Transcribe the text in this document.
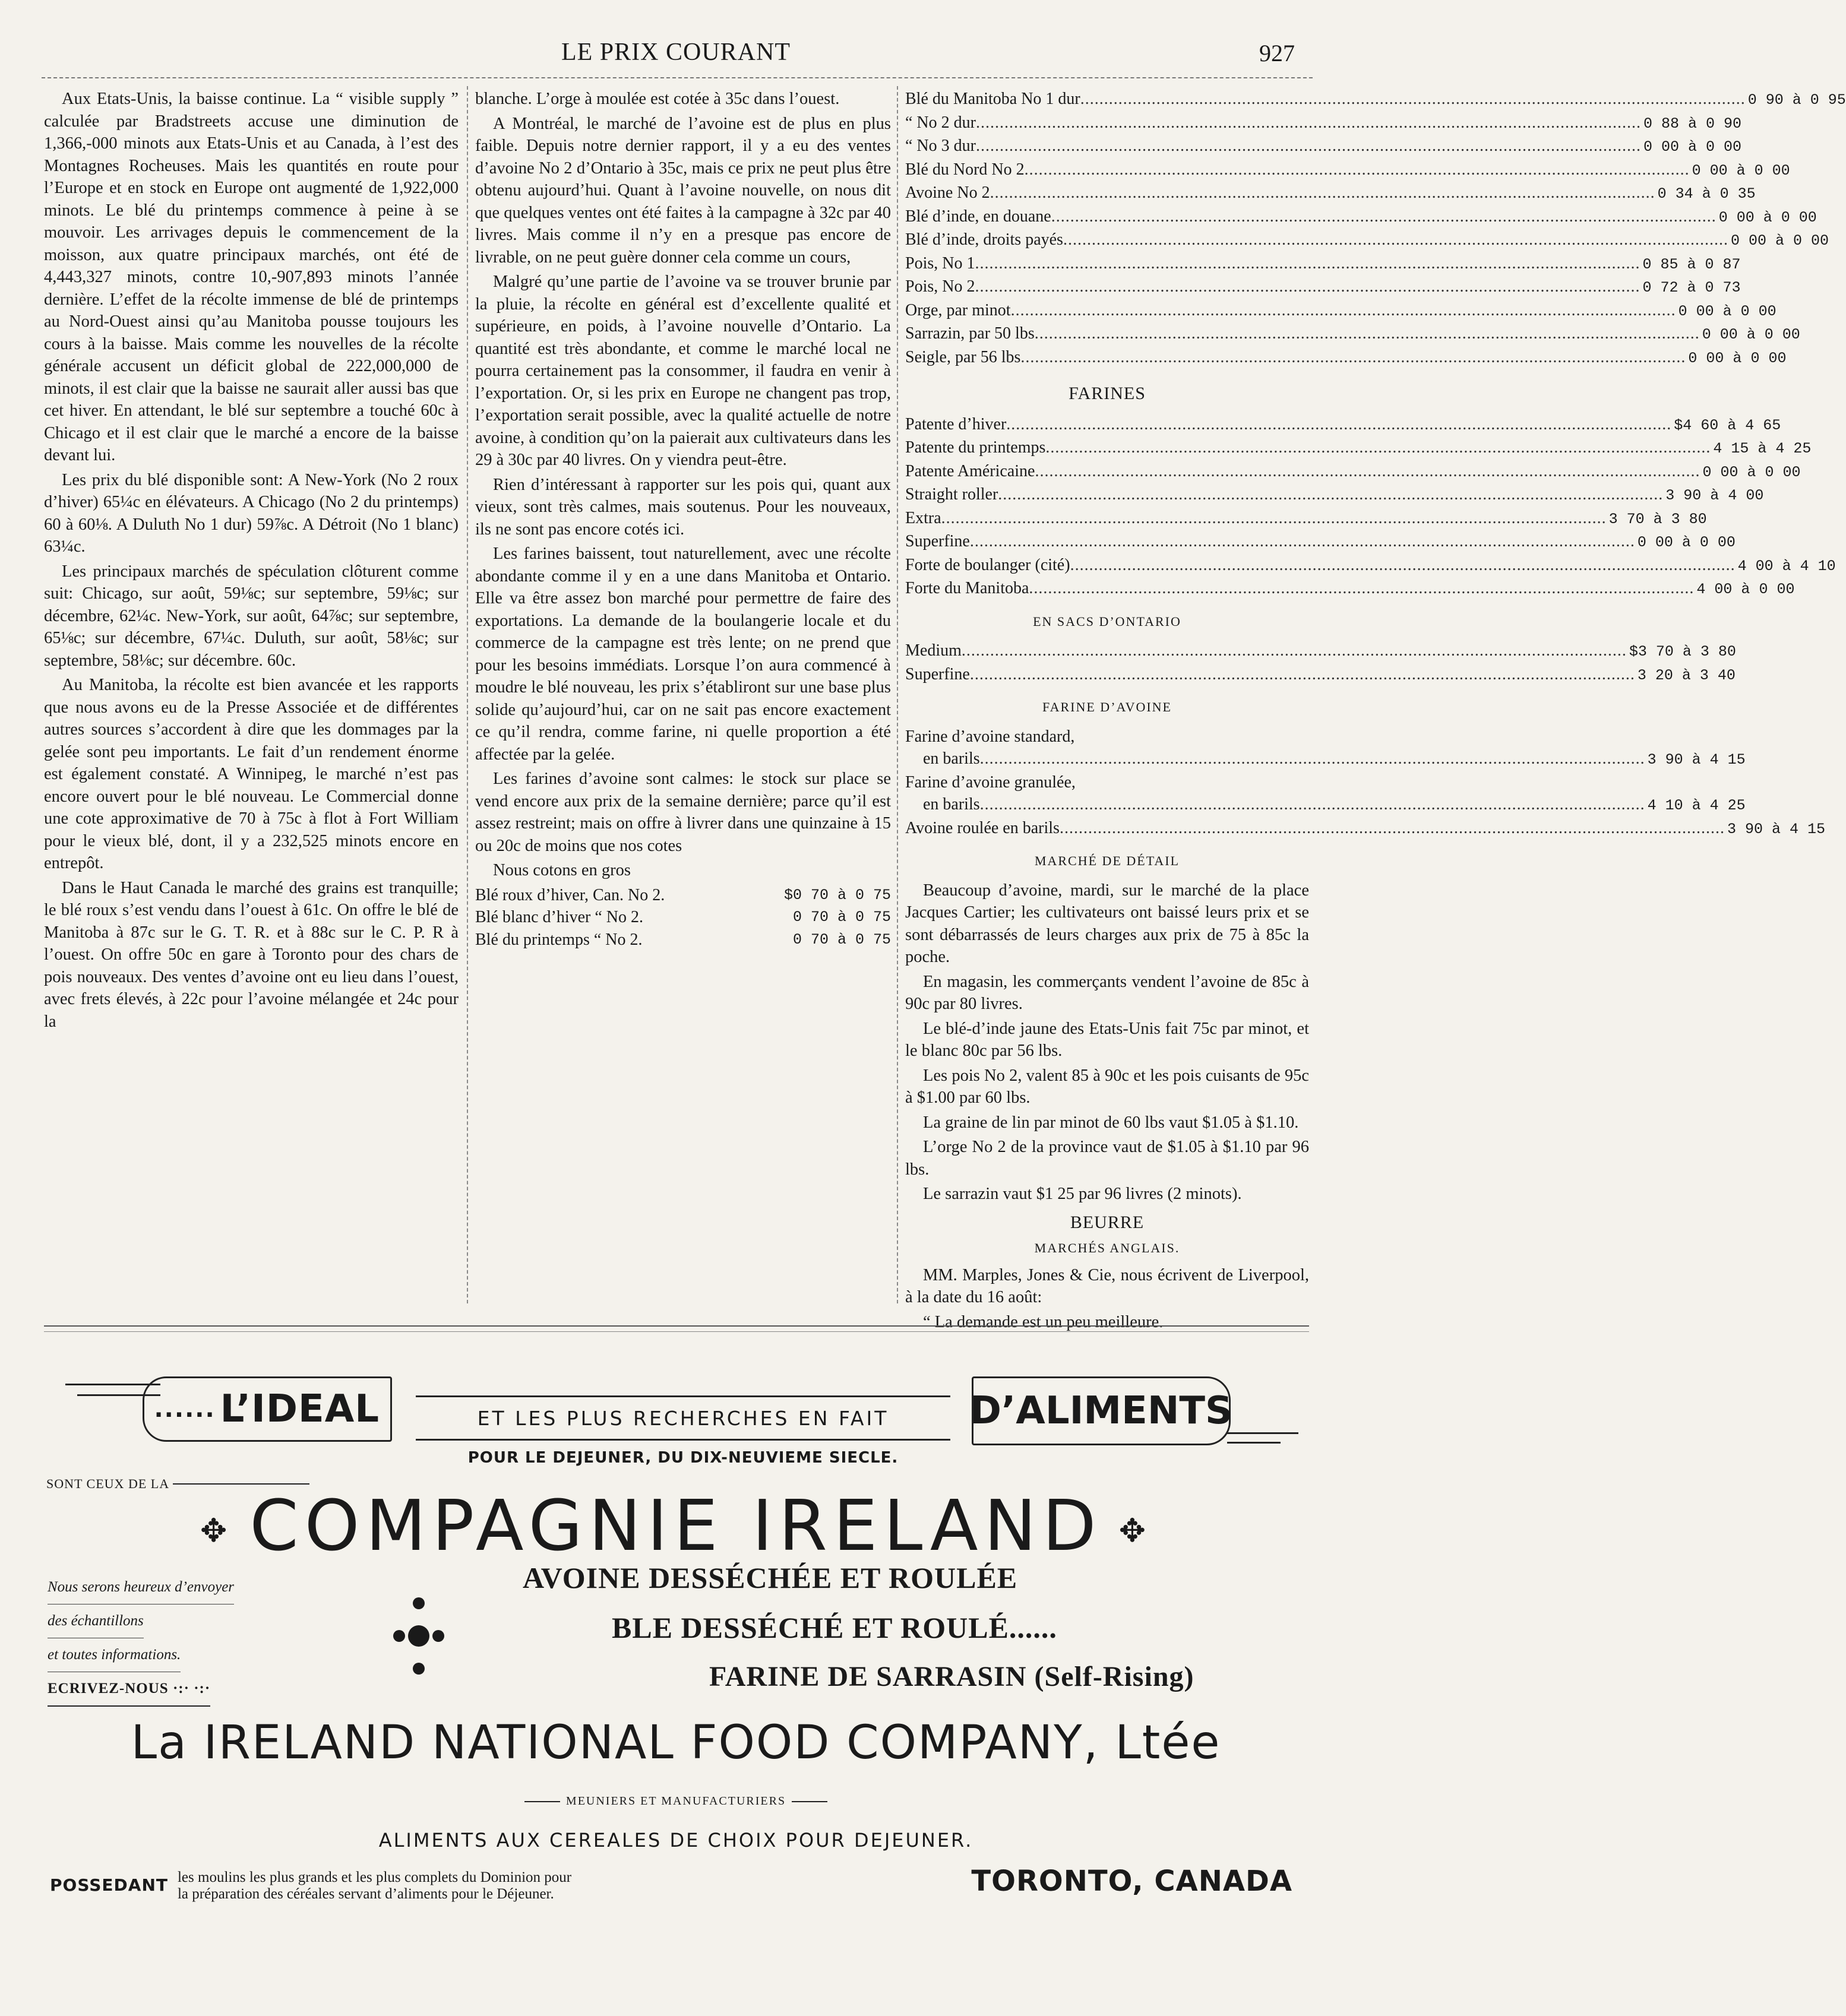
LE PRIX COURANT	927

Aux Etats-Unis, la baisse continue. La “ visible supply ” calculée par Bradstreets accuse une diminution de 1,366,-000 minots aux Etats-Unis et au Canada, à l’est des Montagnes Rocheuses. Mais les quantités en route pour l’Europe et en stock en Europe ont augmenté de 1,922,000 minots. Le blé du printemps commence à peine à se mouvoir. Les arrivages depuis le commencement de la moisson, aux quatre principaux marchés, ont été de 4,443,327 minots, contre 10,-907,893 minots l’année dernière. L’effet de la récolte immense de blé de printemps au Nord-Ouest ainsi qu’au Manitoba pousse toujours les cours à la baisse. Mais comme les nouvelles de la récolte générale accusent un déficit global de 222,000,000 de minots, il est clair que la baisse ne saurait aller aussi bas que cet hiver. En attendant, le blé sur septembre a touché 60c à Chicago et il est clair que le marché a encore de la baisse devant lui.

Les prix du blé disponible sont: A New-York (No 2 roux d’hiver) 65¼c en élévateurs. A Chicago (No 2 du printemps) 60 à 60⅛. A Duluth No 1 dur) 59⅞c. A Détroit (No 1 blanc) 63¼c.

Les principaux marchés de spéculation clôturent comme suit: Chicago, sur août, 59⅛c; sur septembre, 59⅛c; sur décembre, 62¼c. New-York, sur août, 64⅞c; sur septembre, 65⅛c; sur décembre, 67¼c. Duluth, sur août, 58⅛c; sur septembre, 58⅛c; sur décembre. 60c.

Au Manitoba, la récolte est bien avancée et les rapports que nous avons eu de la Presse Associée et de différentes autres sources s’accordent à dire que les dommages par la gelée sont peu importants. Le fait d’un rendement énorme est également constaté. A Winnipeg, le marché n’est pas encore ouvert pour le blé nouveau. Le Commercial donne une cote approximative de 70 à 75c à flot à Fort William pour le vieux blé, dont, il y a 232,525 minots encore en entrepôt.

Dans le Haut Canada le marché des grains est tranquille; le blé roux s’est vendu dans l’ouest à 61c. On offre le blé de Manitoba à 87c sur le G. T. R. et à 88c sur le C. P. R à l’ouest. On offre 50c en gare à Toronto pour des chars de pois nouveaux. Des ventes d’avoine ont eu lieu dans l’ouest, avec frets élevés, à 22c pour l’avoine mélangée et 24c pour la

blanche. L’orge à moulée est cotée à 35c dans l’ouest.

A Montréal, le marché de l’avoine est de plus en plus faible. Depuis notre dernier rapport, il y a eu des ventes d’avoine No 2 d’Ontario à 35c, mais ce prix ne peut plus être obtenu aujourd’hui. Quant à l’avoine nouvelle, on nous dit que quelques ventes ont été faites à la campagne à 32c par 40 livres. Mais comme il n’y en a presque pas encore de livrable, on ne peut guère donner cela comme un cours,

Malgré qu’une partie de l’avoine va se trouver brunie par la pluie, la récolte en général est d’excellente qualité et supérieure, en poids, à l’avoine nouvelle d’Ontario. La quantité est très abondante, et comme le marché local ne pourra certainement pas la consommer, il faudra en venir à l’exportation. Or, si les prix en Europe ne changent pas trop, l’exportation serait possible, avec la qualité actuelle de notre avoine, à condition qu’on la paierait aux cultivateurs dans les 29 à 30c par 40 livres. On y viendra peut-être.

Rien d’intéressant à rapporter sur les pois qui, quant aux vieux, sont très calmes, mais soutenus. Pour les nouveaux, ils ne sont pas encore cotés ici.

Les farines baissent, tout naturellement, avec une récolte abondante comme il y en a une dans Manitoba et Ontario. Elle va être assez bon marché pour permettre de faire des exportations. La demande de la boulangerie locale et du commerce de la campagne est très lente; on ne prend que pour les besoins immédiats. Lorsque l’on aura commencé à moudre le blé nouveau, les prix s’établiront sur une base plus solide qu’aujourd’hui, car on ne sait pas encore exactement ce qu’il rendra, comme farine, ni quelle proportion a été affectée par la gelée.

Les farines d’avoine sont calmes: le stock sur place se vend encore aux prix de la semaine dernière; parce qu’il est assez restreint; mais on offre à livrer dans une quinzaine à 15 ou 20c de moins que nos cotes

Nous cotons en gros

Blé roux d’hiver, Can. No 2.	$0 70 à 0 75
Blé blanc d’hiver “ No 2.	0 70 à 0 75
Blé du printemps “ No 2.	0 70 à 0 75
Blé du Manitoba No 1 dur .....	0 90 à 0 95
“ No 2 dur .....	0 88 à 0 90
“ No 3 dur .....	0 00 à 0 00
Blé du Nord No 2 .....	0 00 à 0 00
Avoine No 2 .....	0 34 à 0 35
Blé d’inde, en douane .....	0 00 à 0 00
Blé d’inde, droits payés .....	0 00 à 0 00
Pois, No 1 .....	0 85 à 0 87
Pois, No 2 .....	0 72 à 0 73
Orge, par minot .....	0 00 à 0 00
Sarrazin, par 50 lbs .....	0 00 à 0 00
Seigle, par 56 lbs .....	0 00 à 0 00

FARINES

Patente d’hiver .....	$4 60 à 4 65
Patente du printemps .....	4 15 à 4 25
Patente Américaine .....	0 00 à 0 00
Straight roller .....	3 90 à 4 00
Extra .....	3 70 à 3 80
Superfine .....	0 00 à 0 00
Forte de boulanger (cité) .....	4 00 à 4 10
Forte du Manitoba .....	4 00 à 0 00

EN SACS D’ONTARIO

Medium .....	$3 70 à 3 80
Superfine .....	3 20 à 3 40

FARINE D’AVOINE

Farine d’avoine standard,
en barils .....	3 90 à 4 15
Farine d’avoine granulée,
en barils .....	4 10 à 4 25
Avoine roulée en barils .....	3 90 à 4 15

MARCHÉ DE DÉTAIL

Beaucoup d’avoine, mardi, sur le marché de la place Jacques Cartier; les cultivateurs ont baissé leurs prix et se sont débarrassés de leurs charges aux prix de 75 à 85c la poche.

En magasin, les commerçants vendent l’avoine de 85c à 90c par 80 livres.

Le blé-d’inde jaune des Etats-Unis fait 75c par minot, et le blanc 80c par 56 lbs.

Les pois No 2, valent 85 à 90c et les pois cuisants de 95c à $1.00 par 60 lbs.

La graine de lin par minot de 60 lbs vaut $1.05 à $1.10.

L’orge No 2 de la province vaut de $1.05 à $1.10 par 96 lbs.

Le sarrazin vaut $1 25 par 96 livres (2 minots).

BEURRE

MARCHÉS ANGLAIS.

MM. Marples, Jones & Cie, nous écrivent de Liverpool, à la date du 16 août:

“ La demande est un peu meilleure.

...... L’IDEAL	ET LES PLUS RECHERCHES EN FAIT	D’ALIMENTS
POUR LE DEJEUNER, DU DIX-NEUVIEME SIECLE.
SONT CEUX DE LA
✥ COMPAGNIE IRELAND ✥
Nous serons heureux d’envoyer
des échantillons
et toutes informations.
ECRIVEZ-NOUS ·:· ·:·
AVOINE DESSÉCHÉE ET ROULÉE
BLE DESSÉCHÉ ET ROULÉ......
FARINE DE SARRASIN (Self-Rising)
La IRELAND NATIONAL FOOD COMPANY, Ltée
MEUNIERS ET MANUFACTURIERS
ALIMENTS AUX CEREALES DE CHOIX POUR DEJEUNER.
POSSEDANT les moulins les plus grands et les plus complets du Dominion pour
la préparation des céréales servant d’aliments pour le Déjeuner.	TORONTO, CANADA
